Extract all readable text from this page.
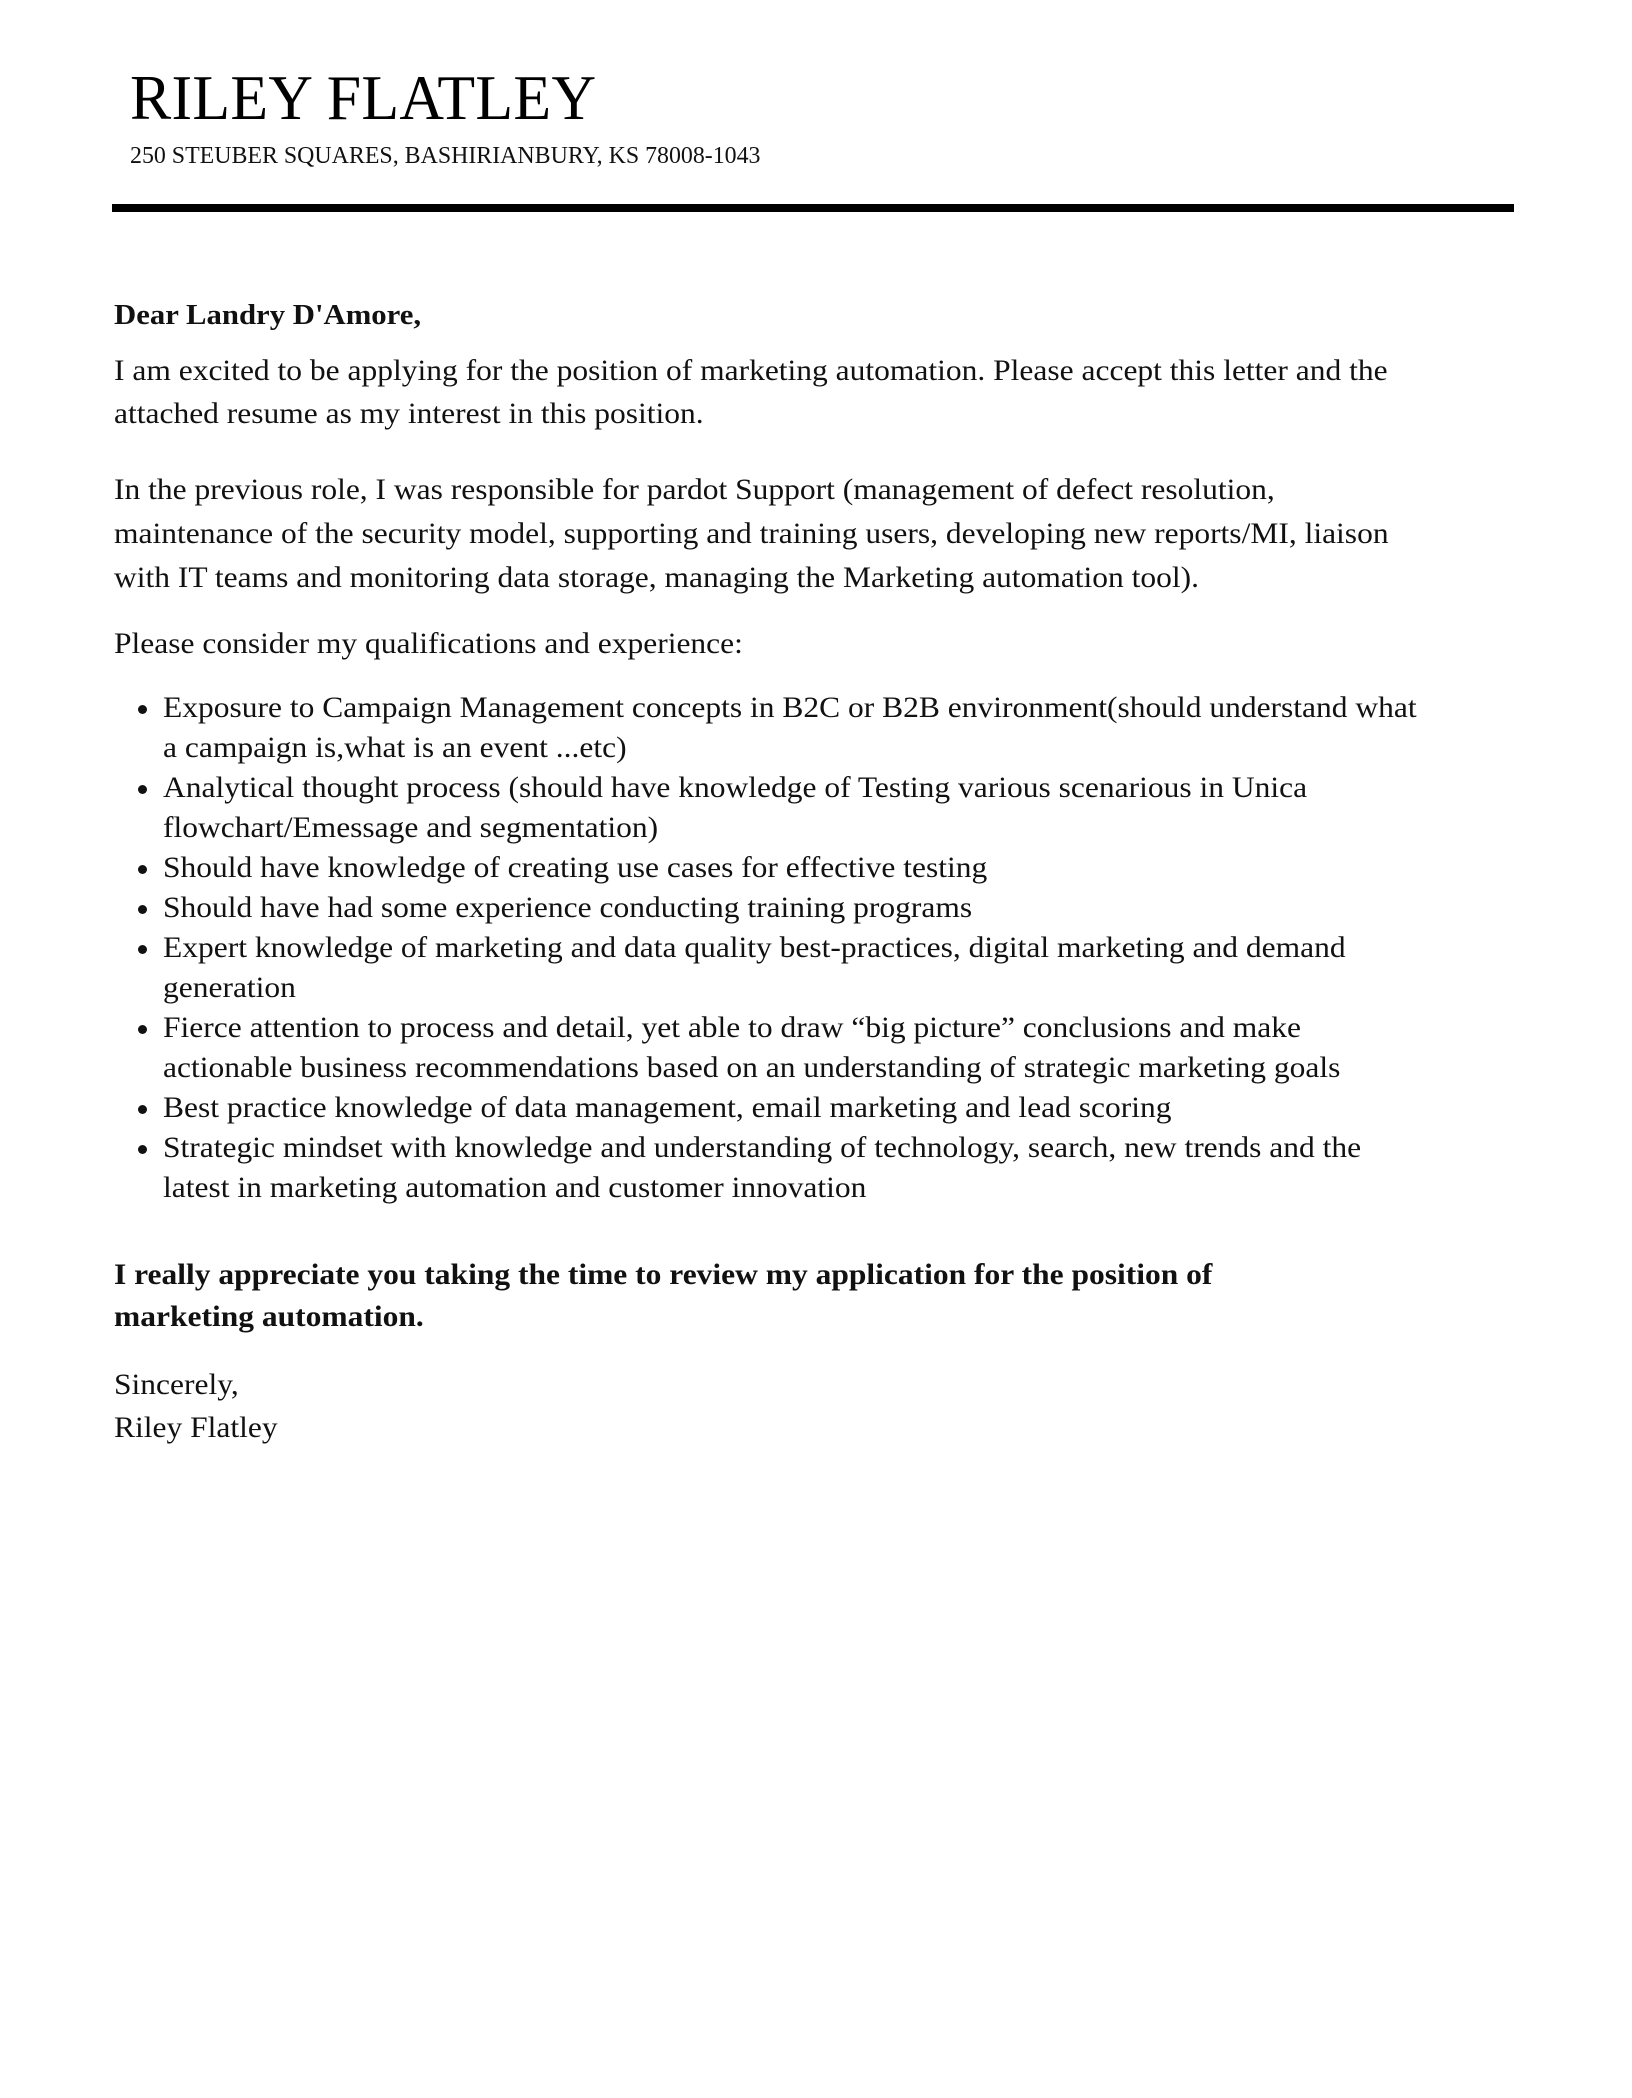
RILEY FLATLEY
250 STEUBER SQUARES, BASHIRIANBURY, KS 78008-1043
Dear Landry D'Amore,
I am excited to be applying for the position of marketing automation. Please accept this letter and the
attached resume as my interest in this position.
In the previous role, I was responsible for pardot Support (management of defect resolution,
maintenance of the security model, supporting and training users, developing new reports/MI, liaison
with IT teams and monitoring data storage, managing the Marketing automation tool).
Please consider my qualifications and experience:
Exposure to Campaign Management concepts in B2C or B2B environment(should understand what
a campaign is,what is an event ...etc)
Analytical thought process (should have knowledge of Testing various scenarious in Unica
flowchart/Emessage and segmentation)
Should have knowledge of creating use cases for effective testing
Should have had some experience conducting training programs
Expert knowledge of marketing and data quality best-practices, digital marketing and demand
generation
Fierce attention to process and detail, yet able to draw “big picture” conclusions and make
actionable business recommendations based on an understanding of strategic marketing goals
Best practice knowledge of data management, email marketing and lead scoring
Strategic mindset with knowledge and understanding of technology, search, new trends and the
latest in marketing automation and customer innovation
I really appreciate you taking the time to review my application for the position of
marketing automation.
Sincerely,
Riley Flatley
